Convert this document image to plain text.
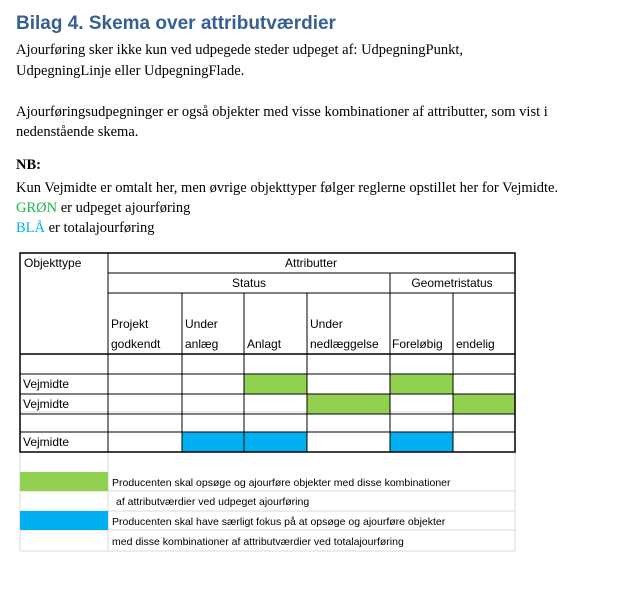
Bilag 4. Skema over attributværdier
Ajourføring sker ikke kun ved udpegede steder udpeget af: UdpegningPunkt,
UdpegningLinje eller UdpegningFlade.
Ajourføringsudpegninger er også objekter med visse kombinationer af attributter, som vist i
nedenstående skema.
NB:
Kun Vejmidte er omtalt her, men øvrige objekttyper følger reglerne opstillet her for Vejmidte.
GRØN er udpeget ajourføring
BLÅ er totalajourføring
Objekttype	Attributter
Status	Geometristatus
Projekt
godkendt
Under
anlæg Anlagt
Under
nedlæggelse Foreløbig endelig
Vejmidte
Vejmidte
Vejmidte
Producenten skal opsøge og ajourføre objekter med disse kombinationer
af attributværdier ved udpeget ajourføring
Producenten skal have særligt fokus på at opsøge og ajourføre objekter
med disse kombinationer af attributværdier ved totalajourføring
